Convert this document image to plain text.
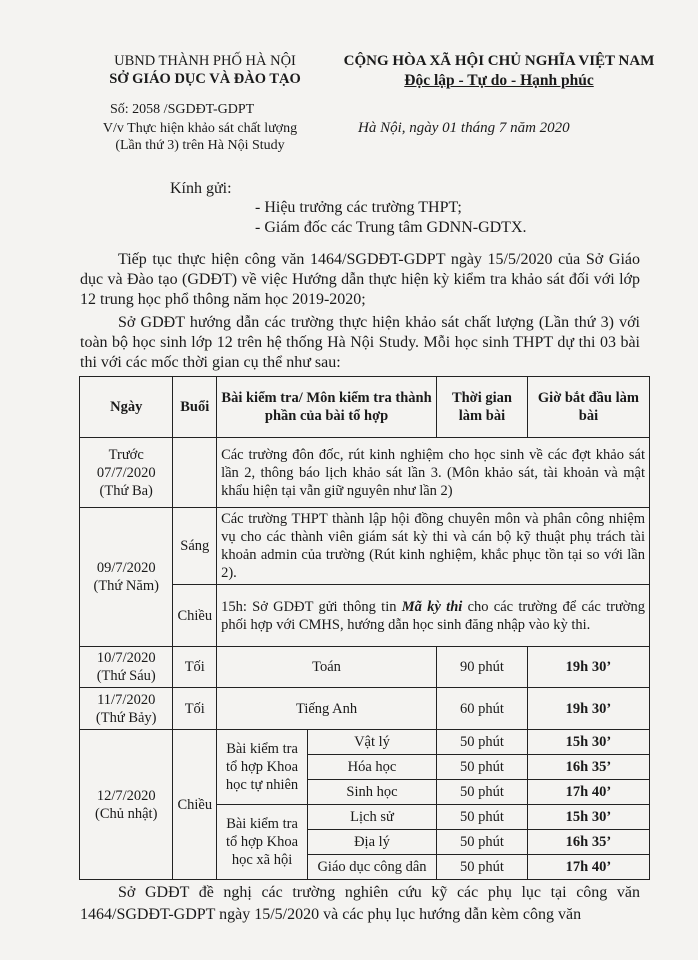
UBND THÀNH PHỐ HÀ NỘI
SỞ GIÁO DỤC VÀ ĐÀO TẠO
CỘNG HÒA XÃ HỘI CHỦ NGHĨA VIỆT NAM
Độc lập - Tự do - Hạnh phúc
Số: 2058 /SGDĐT-GDPT
V/v Thực hiện khảo sát chất lượng
(Lần thứ 3) trên Hà Nội Study
Hà Nội, ngày 01 tháng 7 năm 2020
Kính gửi:
- Hiệu trưởng các trường THPT;
- Giám đốc các Trung tâm GDNN-GDTX.
Tiếp tục thực hiện công văn 1464/SGDĐT-GDPT ngày 15/5/2020 của Sở Giáo dục và Đào tạo (GDĐT) về việc Hướng dẫn thực hiện kỳ kiểm tra khảo sát đối với lớp 12 trung học phổ thông năm học 2019-2020;
Sở GDĐT hướng dẫn các trường thực hiện khảo sát chất lượng (Lần thứ 3) với toàn bộ học sinh lớp 12 trên hệ thống Hà Nội Study. Mỗi học sinh THPT dự thi 03 bài thi với các mốc thời gian cụ thể như sau:
Ngày	Buổi	Bài kiểm tra/ Môn kiểm tra thành phần của bài tổ hợp		Thời gian làm bài	Giờ bắt đầu làm bài

Trước
07/7/2020
(Thứ Ba)		Các trường đôn đốc, rút kinh nghiệm cho học sinh về các đợt khảo sát lần 2, thông báo lịch khảo sát lần 3. (Môn khảo sát, tài khoản và mật khẩu hiện tại vẫn giữ nguyên như lần 2)			

09/7/2020
(Thứ Năm)	Sáng	Các trường THPT thành lập hội đồng chuyên môn và phân công nhiệm vụ cho các thành viên giám sát kỳ thi và cán bộ kỹ thuật phụ trách tài khoản admin của trường (Rút kinh nghiệm, khắc phục tồn tại so với lần 2).			
	Chiều	15h: Sở GDĐT gửi thông tin Mã kỳ thi cho các trường để các trường phối hợp với CMHS, hướng dẫn học sinh đăng nhập vào kỳ thi.			

10/7/2020
(Thứ Sáu)	Tối	Toán		90 phút	19h 30’

11/7/2020
(Thứ Bảy)	Tối	Tiếng Anh		60 phút	19h 30’

12/7/2020
(Chủ nhật)	Chiều	Bài kiểm tra tổ hợp Khoa học tự nhiên	Vật lý	50 phút	15h 30’
			Hóa học	50 phút	16h 35’
			Sinh học	50 phút	17h 40’
		Bài kiểm tra tổ hợp Khoa học xã hội	Lịch sử	50 phút	15h 30’
			Địa lý	50 phút	16h 35’
			Giáo dục công dân	50 phút	17h 40’
Sở GDĐT đề nghị các trường nghiên cứu kỹ các phụ lục tại công văn 1464/SGDĐT-GDPT ngày 15/5/2020 và các phụ lục hướng dẫn kèm công văn
